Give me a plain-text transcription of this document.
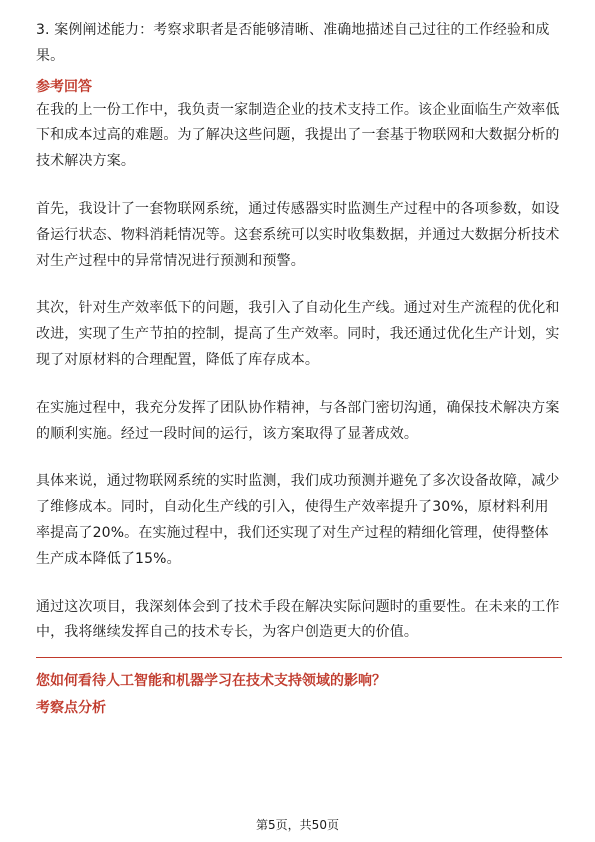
3. 案例阐述能力：考察求职者是否能够清晰、准确地描述自己过往的工作经验和成果。

参考回答

在我的上一份工作中，我负责一家制造企业的技术支持工作。该企业面临生产效率低下和成本过高的难题。为了解决这些问题，我提出了一套基于物联网和大数据分析的技术解决方案。

首先，我设计了一套物联网系统，通过传感器实时监测生产过程中的各项参数，如设备运行状态、物料消耗情况等。这套系统可以实时收集数据，并通过大数据分析技术对生产过程中的异常情况进行预测和预警。

其次，针对生产效率低下的问题，我引入了自动化生产线。通过对生产流程的优化和改进，实现了生产节拍的控制，提高了生产效率。同时，我还通过优化生产计划，实现了对原材料的合理配置，降低了库存成本。

在实施过程中，我充分发挥了团队协作精神，与各部门密切沟通，确保技术解决方案的顺利实施。经过一段时间的运行，该方案取得了显著成效。

具体来说，通过物联网系统的实时监测，我们成功预测并避免了多次设备故障，减少了维修成本。同时，自动化生产线的引入，使得生产效率提升了30%，原材料利用率提高了20%。在实施过程中，我们还实现了对生产过程的精细化管理，使得整体生产成本降低了15%。

通过这次项目，我深刻体会到了技术手段在解决实际问题时的重要性。在未来的工作中，我将继续发挥自己的技术专长，为客户创造更大的价值。

您如何看待人工智能和机器学习在技术支持领域的影响？

考察点分析

第5页，共50页
